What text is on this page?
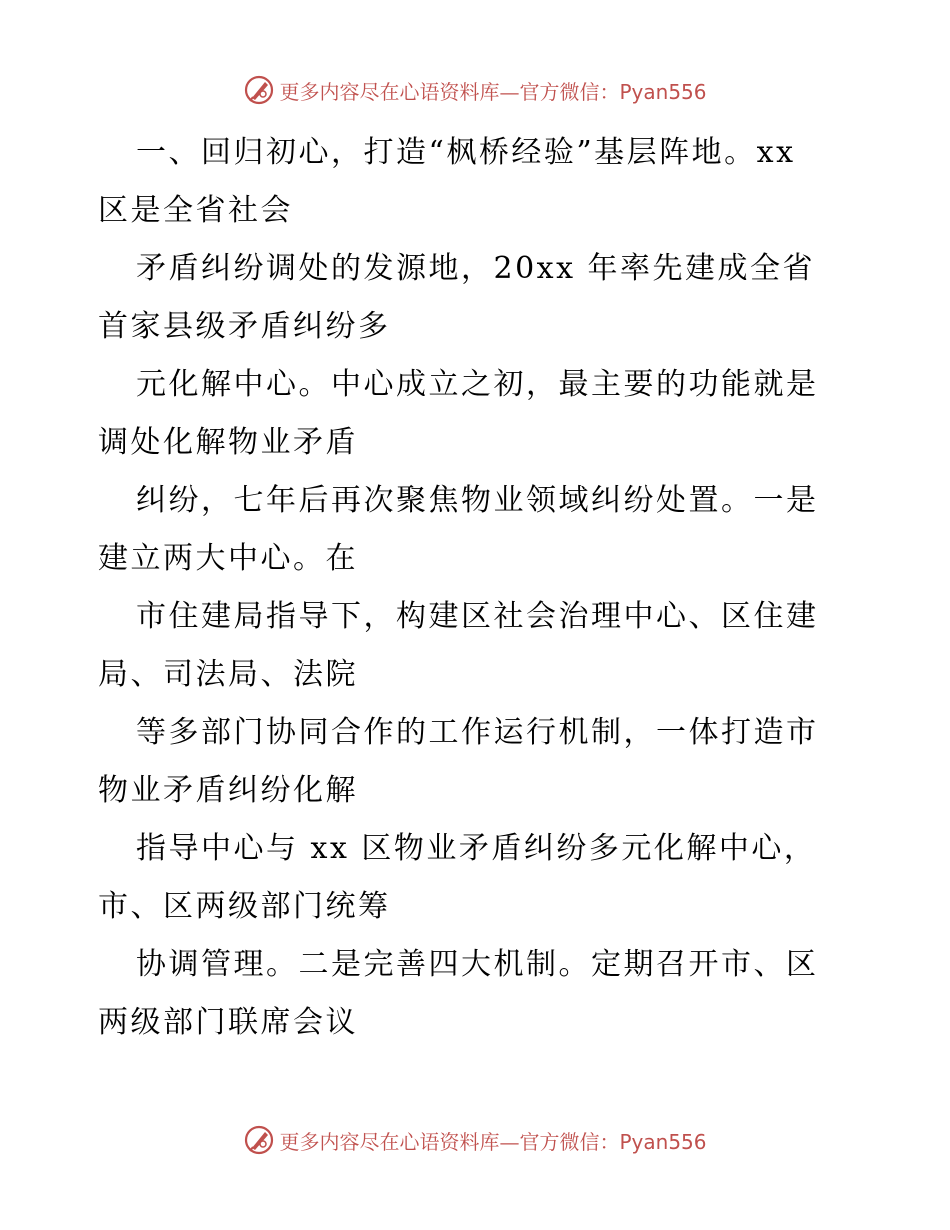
更多内容尽在心语资料库—官方微信：Pyan556
一、回归初心，打造“枫桥经验”基层阵地。xx
区是全省社会
矛盾纠纷调处的发源地，20xx 年率先建成全省
首家县级矛盾纠纷多
元化解中心。中心成立之初，最主要的功能就是
调处化解物业矛盾
纠纷，七年后再次聚焦物业领域纠纷处置。一是
建立两大中心。在
市住建局指导下，构建区社会治理中心、区住建
局、司法局、法院
等多部门协同合作的工作运行机制，一体打造市
物业矛盾纠纷化解
指导中心与 xx 区物业矛盾纠纷多元化解中心，
市、区两级部门统筹
协调管理。二是完善四大机制。定期召开市、区
两级部门联席会议
更多内容尽在心语资料库—官方微信：Pyan556
